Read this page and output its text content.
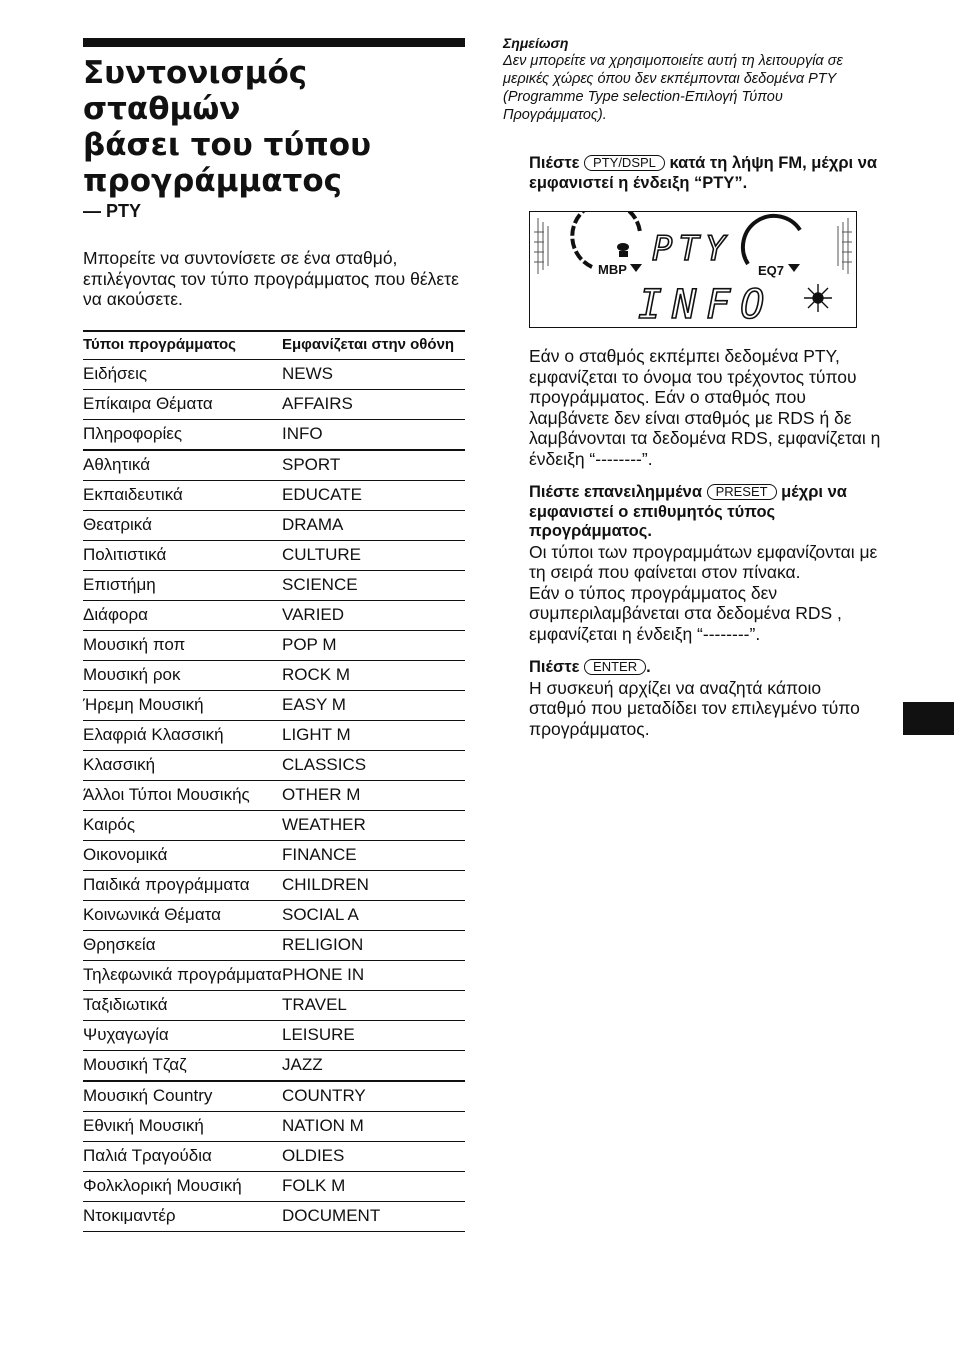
Συντονισμός σταθμών
βάσει του τύπου
προγράμματος
— PTY
Μπορείτε να συντονίσετε σε ένα σταθμό, επιλέγοντας τον τύπο προγράμματος που θέλετε να ακούσετε.
Τύποι προγράμματος	Εμφανίζεται στην οθόνη
Ειδήσεις	NEWS
Επίκαιρα Θέματα	AFFAIRS
Πληροφορίες	INFO
Αθλητικά	SPORT
Εκπαιδευτικά	EDUCATE
Θεατρικά	DRAMA
Πολιτιστικά	CULTURE
Επιστήμη	SCIENCE
Διάφορα	VARIED
Μουσική ποπ	POP M
Μουσική ροκ	ROCK M
Ήρεμη Μουσική	EASY M
Ελαφριά Κλασσική	LIGHT M
Κλασσική	CLASSICS
Άλλοι Τύποι Μουσικής	OTHER M
Καιρός	WEATHER
Οικονομικά	FINANCE
Παιδικά προγράμματα	CHILDREN
Κοινωνικά Θέματα	SOCIAL A
Θρησκεία	RELIGION
Τηλεφωνικά προγράμματα	PHONE IN
Ταξιδιωτικά	TRAVEL
Ψυχαγωγία	LEISURE
Μουσική Τζαζ	JAZZ
Μουσική Country	COUNTRY
Εθνική Μουσική	NATION M
Παλιά Τραγούδια	OLDIES
Φολκλορική Μουσική	FOLK M
Ντοκιμαντέρ	DOCUMENT
Σημείωση
Δεν μπορείτε να χρησιμοποιείτε αυτή τη λειτουργία σε μερικές χώρες όπου δεν εκπέμπονται δεδομένα PTY (Programme Type selection-Επιλογή Τύπου Προγράμματος).
Πιέστε PTY/DSPL κατά τη λήψη FM, μέχρι να εμφανιστεί η ένδειξη “PTY”.
MBP
PTY
EQ7
INFO
Εάν ο σταθμός εκπέμπει δεδομένα PTY, εμφανίζεται το όνομα του τρέχοντος τύπου προγράμματος. Εάν ο σταθμός που λαμβάνετε δεν είναι σταθμός με RDS ή δε λαμβάνονται τα δεδομένα RDS, εμφανίζεται η ένδειξη “--------”.
Πιέστε επανειλημμένα PRESET μέχρι να εμφανιστεί ο επιθυμητός τύπος προγράμματος.
Οι τύποι των προγραμμάτων εμφανίζονται με τη σειρά που φαίνεται στον πίνακα.
Εάν ο τύπος προγράμματος δεν συμπεριλαμβάνεται στα δεδομένα RDS , εμφανίζεται η ένδειξη “--------”.
Πιέστε ENTER .
Η συσκευή αρχίζει να αναζητά κάποιο σταθμό που μεταδίδει τον επιλεγμένο τύπο προγράμματος.
